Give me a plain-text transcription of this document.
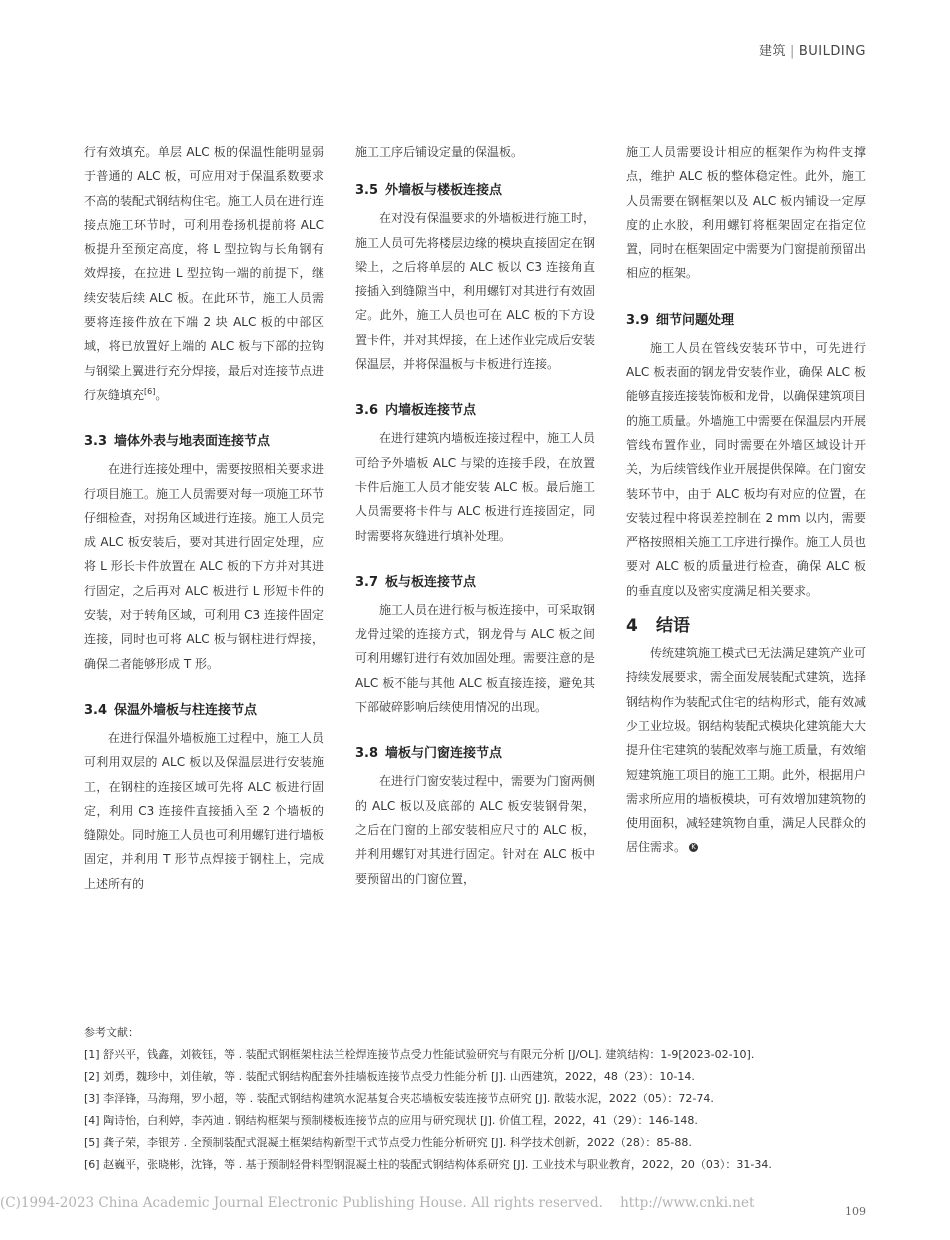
建筑 | BUILDING

行有效填充。单层 ALC 板的保温性能明显弱于普通的 ALC 板，可应用对于保温系数要求不高的装配式钢结构住宅。施工人员在进行连接点施工环节时，可利用卷扬机提前将 ALC 板提升至预定高度，将 L 型拉钩与长角钢有效焊接，在拉进 L 型拉钩一端的前提下，继续安装后续 ALC 板。在此环节，施工人员需要将连接件放在下端 2 块 ALC 板的中部区域，将已放置好上端的 ALC 板与下部的拉钩与钢梁上翼进行充分焊接，最后对连接节点进行灰缝填充[6]。

3.3 墙体外表与地表面连接节点

在进行连接处理中，需要按照相关要求进行项目施工。施工人员需要对每一项施工环节仔细检查，对拐角区域进行连接。施工人员完成 ALC 板安装后，要对其进行固定处理，应将 L 形长卡件放置在 ALC 板的下方并对其进行固定，之后再对 ALC 板进行 L 形短卡件的安装，对于转角区域，可利用 C3 连接件固定连接，同时也可将 ALC 板与钢柱进行焊接，确保二者能够形成 T 形。

3.4 保温外墙板与柱连接节点

在进行保温外墙板施工过程中，施工人员可利用双层的 ALC 板以及保温层进行安装施工，在钢柱的连接区域可先将 ALC 板进行固定，利用 C3 连接件直接插入至 2 个墙板的缝隙处。同时施工人员也可利用螺钉进行墙板固定，并利用 T 形节点焊接于钢柱上，完成上述所有的

施工工序后铺设定量的保温板。

3.5 外墙板与楼板连接点

在对没有保温要求的外墙板进行施工时，施工人员可先将楼层边缘的模块直接固定在钢梁上，之后将单层的 ALC 板以 C3 连接角直接插入到缝隙当中，利用螺钉对其进行有效固定。此外，施工人员也可在 ALC 板的下方设置卡件，并对其焊接，在上述作业完成后安装保温层，并将保温板与卡板进行连接。

3.6 内墙板连接节点

在进行建筑内墙板连接过程中，施工人员可给予外墙板 ALC 与梁的连接手段，在放置卡件后施工人员才能安装 ALC 板。最后施工人员需要将卡件与 ALC 板进行连接固定，同时需要将灰缝进行填补处理。

3.7 板与板连接节点

施工人员在进行板与板连接中，可采取钢龙骨过梁的连接方式，钢龙骨与 ALC 板之间可利用螺钉进行有效加固处理。需要注意的是 ALC 板不能与其他 ALC 板直接连接，避免其下部破碎影响后续使用情况的出现。

3.8 墙板与门窗连接节点

在进行门窗安装过程中，需要为门窗两侧的 ALC 板以及底部的 ALC 板安装钢骨架，之后在门窗的上部安装相应尺寸的 ALC 板，并利用螺钉对其进行固定。针对在 ALC 板中要预留出的门窗位置，

施工人员需要设计相应的框架作为构件支撑点，维护 ALC 板的整体稳定性。此外，施工人员需要在钢框架以及 ALC 板内铺设一定厚度的止水胶，利用螺钉将框架固定在指定位置，同时在框架固定中需要为门窗提前预留出相应的框架。

3.9 细节问题处理

施工人员在管线安装环节中，可先进行 ALC 板表面的钢龙骨安装作业，确保 ALC 板能够直接连接装饰板和龙骨，以确保建筑项目的施工质量。外墙施工中需要在保温层内开展管线布置作业，同时需要在外墙区域设计开关，为后续管线作业开展提供保障。在门窗安装环节中，由于 ALC 板均有对应的位置，在安装过程中将误差控制在 2 mm 以内，需要严格按照相关施工工序进行操作。施工人员也要对 ALC 板的质量进行检查，确保 ALC 板的垂直度以及密实度满足相关要求。

4 结语

传统建筑施工模式已无法满足建筑产业可持续发展要求，需全面发展装配式建筑，选择钢结构作为装配式住宅的结构形式，能有效减少工业垃圾。钢结构装配式模块化建筑能大大提升住宅建筑的装配效率与施工质量，有效缩短建筑施工项目的施工工期。此外，根据用户需求所应用的墙板模块，可有效增加建筑物的使用面积，减轻建筑物自重，满足人民群众的居住需求。 K

参考文献：

[1] 舒兴平，钱鑫，刘筱钰，等 . 装配式钢框架柱法兰栓焊连接节点受力性能试验研究与有限元分析 [J/OL]. 建筑结构：1-9[2023-02-10].

[2] 刘勇，魏珍中，刘佳敏，等 . 装配式钢结构配套外挂墙板连接节点受力性能分析 [J]. 山西建筑，2022，48（23）：10-14.

[3] 李泽锋，马海翔，罗小超，等 . 装配式钢结构建筑水泥基复合夹芯墙板安装连接节点研究 [J]. 散装水泥，2022（05）：72-74.

[4] 陶诗怡，白利婷，李芮迪 . 钢结构框架与预制楼板连接节点的应用与研究现状 [J]. 价值工程，2022，41（29）：146-148.

[5] 龚子荣，李银芳 . 全预制装配式混凝土框架结构新型干式节点受力性能分析研究 [J]. 科学技术创新，2022（28）：85-88.

[6] 赵巍平，张晓彬，沈锋，等 . 基于预制轻骨料型钢混凝土柱的装配式钢结构体系研究 [J]. 工业技术与职业教育，2022，20（03）：31-34.

(C)1994-2023 China Academic Journal Electronic Publishing House. All rights reserved.    http://www.cnki.net
109
